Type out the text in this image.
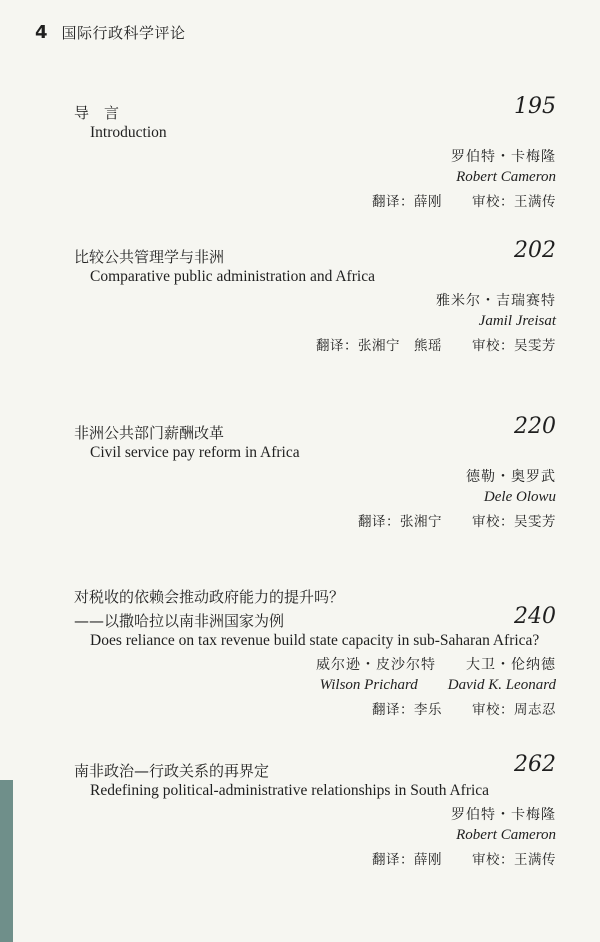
4 国际行政科学评论
导　言	195
Introduction
罗伯特・卡梅隆
Robert Cameron
翻译：薛刚 审校：王满传
比较公共管理学与非洲	202
Comparative public administration and Africa
雅米尔・吉瑞赛特
Jamil Jreisat
翻译：张湘宁　熊瑶 审校：吴雯芳
非洲公共部门薪酬改革	220
Civil service pay reform in Africa
德勒・奥罗武
Dele Olowu
翻译：张湘宁 审校：吴雯芳
对税收的依赖会推动政府能力的提升吗？
——以撒哈拉以南非洲国家为例	240
Does reliance on tax revenue build state capacity in sub-Saharan Africa?
威尔逊・皮沙尔特 大卫・伦纳德
Wilson Prichard David K. Leonard
翻译：李乐 审校：周志忍
南非政治—行政关系的再界定	262
Redefining political-administrative relationships in South Africa
罗伯特・卡梅隆
Robert Cameron
翻译：薛刚 审校：王满传
